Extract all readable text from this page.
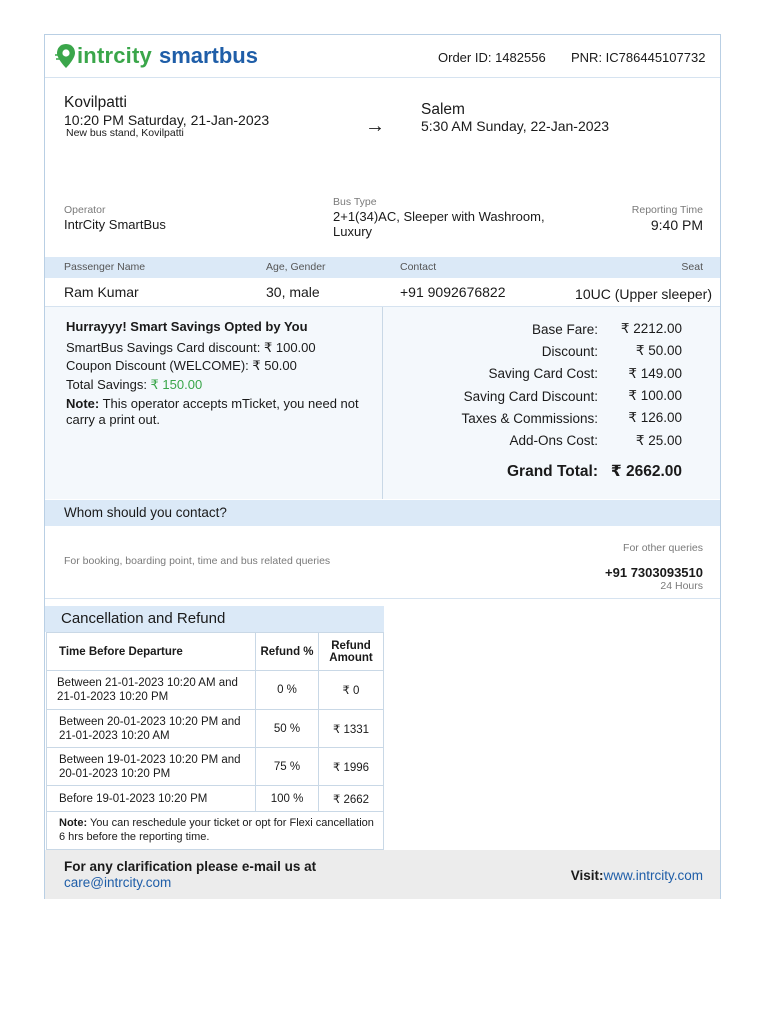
intrcity smartbus	Order ID: 1482556 PNR: IC786445107732
Kovilpatti
10:20 PM Saturday, 21-Jan-2023
New bus stand, Kovilpatti	→
Salem
5:30 AM Sunday, 22-Jan-2023
Operator
IntrCity SmartBus
Bus Type
2+1(34)AC, Sleeper with Washroom, Luxury
Reporting Time
9:40 PM
Passenger Name	Age, Gender	Contact	Seat
Ram Kumar	30, male	+91 9092676822	10UC (Upper sleeper)
Hurrayyy! Smart Savings Opted by You
SmartBus Savings Card discount: ₹ 100.00
Coupon Discount (WELCOME): ₹ 50.00
Total Savings: ₹ 150.00
Note: This operator accepts mTicket, you need not carry a print out.
Base Fare:	₹ 2212.00
Discount:	₹ 50.00
Saving Card Cost:	₹ 149.00
Saving Card Discount:	₹ 100.00
Taxes & Commissions:	₹ 126.00
Add-Ons Cost:	₹ 25.00
Grand Total: ₹ 2662.00
Whom should you contact?
For booking, boarding point, time and bus related queries
For other queries
+91 7303093510
24 Hours
Cancellation and Refund
Time Before Departure	Refund %	Refund Amount
Between 21-01-2023 10:20 AM and 21-01-2023 10:20 PM	0 %	₹ 0
Between 20-01-2023 10:20 PM and 21-01-2023 10:20 AM	50 %	₹ 1331
Between 19-01-2023 10:20 PM and 20-01-2023 10:20 PM	75 %	₹ 1996
Before 19-01-2023 10:20 PM	100 %	₹ 2662
Note: You can reschedule your ticket or opt for Flexi cancellation 6 hrs before the reporting time.		
For any clarification please e-mail us at
care@intrcity.com	Visit:www.intrcity.com
